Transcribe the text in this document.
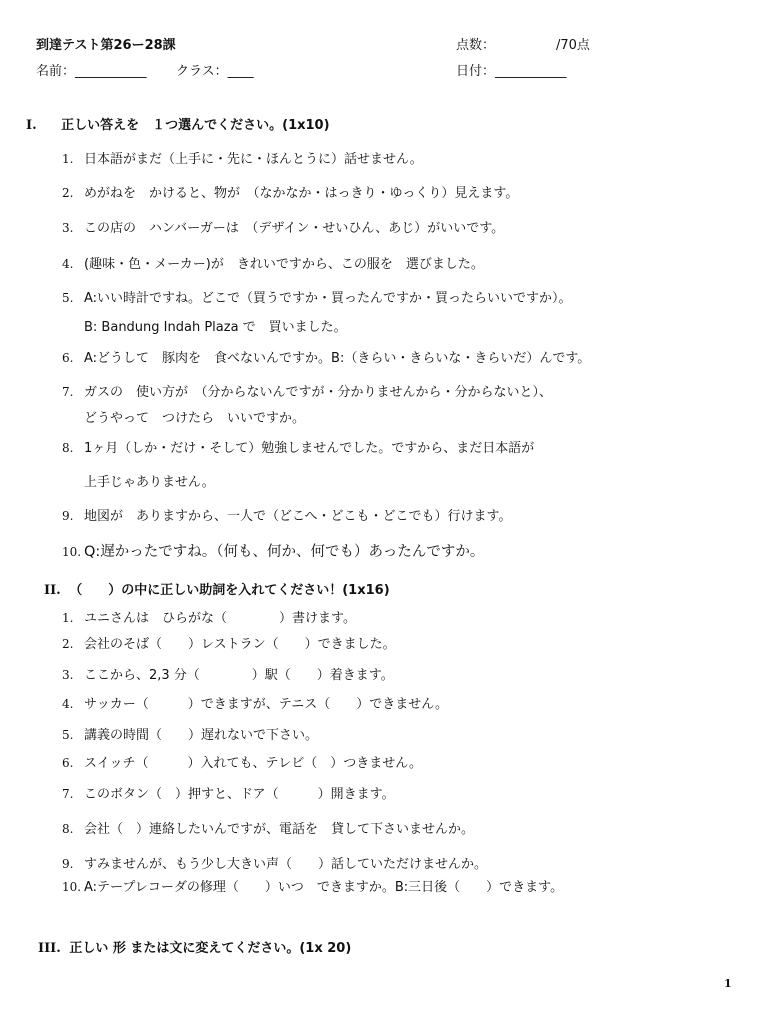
到達テスト第26ー28課	点数：	/70点
名前：___________ クラス：____	日付：___________
I. 正しい答えを　１つ選んでください。(1x10)
1. 日本語がまだ（上手に・先に・ほんとうに）話せません。
2. めがねを　かけると、物が　（なかなか・はっきり・ゆっくり）見えます。
3. この店の　ハンバーガーは　（デザイン・せいひん、あじ）がいいです。
4. (趣味・色・メーカー)が　きれいですから、この服を　選びました。
5. A:いい時計ですね。どこで（買うですか・買ったんですか・買ったらいいですか）。
B: Bandung Indah Plaza で　買いました。
6. A:どうして　豚肉を　食べないんですか。B:（きらい・きらいな・きらいだ）んです。
7. ガスの　使い方が　（分からないんですが・分かりませんから・分からないと）、
どうやって　つけたら　いいですか。
8. 1ヶ月（しか・だけ・そして）勉強しませんでした。ですから、まだ日本語が
上手じゃありません。
9. 地図が　ありますから、一人で（どこへ・どこも・どこでも）行けます。
10. Q:遅かったですね。（何も、何か、何でも）あったんですか。
II. （　　）の中に正しい助詞を入れてください！(1x16)
1. ユニさんは　ひらがな（　　　　）書けます。
2. 会社のそば（　　）レストラン（　　）できました。
3. ここから、2,3 分（　　　　）駅（　　）着きます。
4. サッカー（　　　）できますが、テニス（　　）できません。
5. 講義の時間（　　）遅れないで下さい。
6. スイッチ（　　　）入れても、テレビ（　）つきません。
7. このボタン（　）押すと、ドア（　　　）開きます。
8. 会社（　）連絡したいんですが、電話を　貸して下さいませんか。
9. すみませんが、もう少し大きい声（　　）話していただけませんか。
10. A:テープレコーダの修理（　　）いつ　できますか。B:三日後（　　）できます。
III. 正しい 形 または文に変えてください。(1x 20)
1
